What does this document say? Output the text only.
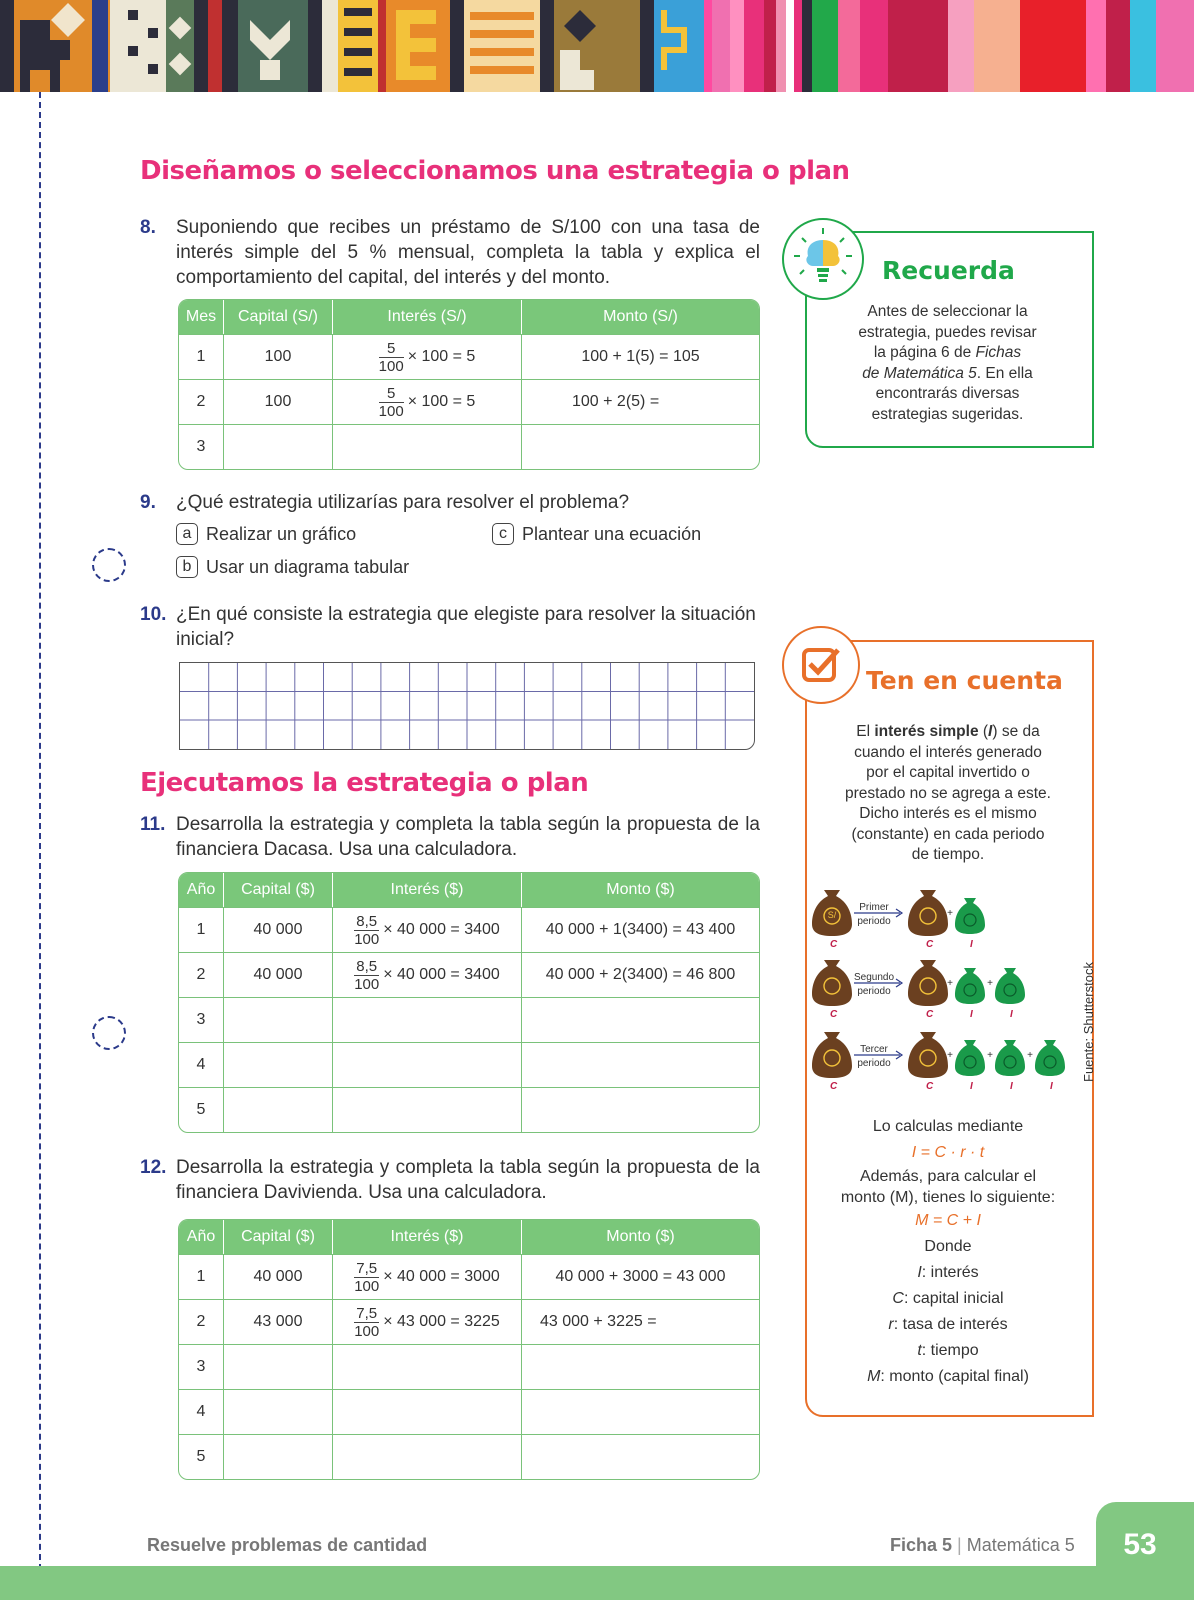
Diseñamos o seleccionamos una estrategia o plan
8. Suponiendo que recibes un préstamo de S/100 con una tasa de interés simple del 5 % mensual, completa la tabla y explica el comportamiento del capital, del interés y del monto.
Mes	Capital (S/)	Interés (S/)	Monto (S/)
1	100	$\frac{5}{100} \times 100 = 5$	100 + 1(5) = 105
2	100	$\frac{5}{100} \times 100 = 5$	100 + 2(5) =
3			
9. ¿Qué estrategia utilizarías para resolver el problema?
a Realizar un gráfico	c Plantear una ecuación
b Usar un diagrama tabular
10. ¿En qué consiste la estrategia que elegiste para resolver la situación inicial?
Ejecutamos la estrategia o plan
11. Desarrolla la estrategia y completa la tabla según la propuesta de la financiera Dacasa. Usa una calculadora.
Año	Capital ($)	Interés ($)	Monto ($)
1	40 000	$\frac{8,5}{100} \times 40$ 000 = 3400	40 000 + 1(3400) = 43 400
2	40 000	$\frac{8,5}{100} \times 40$ 000 = 3400	40 000 + 2(3400) = 46 800
3			
4			
5			
12. Desarrolla la estrategia y completa la tabla según la propuesta de la financiera Davivienda. Usa una calculadora.
Año	Capital ($)	Interés ($)	Monto ($)
1	40 000	$\frac{7,5}{100} \times 40$ 000 = 3000	40 000 + 3000 = 43 000
2	43 000	$\frac{7,5}{100} \times 43$ 000 = 3225	43 000 + 3225 =
3			
4			
5			
Recuerda
Antes de seleccionar la
estrategia, puedes revisar
la página 6 de Fichas
de Matemática 5. En ella
encontrarás diversas
estrategias sugeridas.
Ten en cuenta
El interés simple (I) se da
cuando el interés generado
por el capital invertido o
prestado no se agrega a este.
Dicho interés es el mismo
(constante) en cada periodo
de tiempo.
S/
C
Primer
periodo
C
+
I
C
Segundo
periodo
C
+
I
+
I
C
Tercer
periodo
C
+
I
+
I
+
I
Fuente: Shutterstock
Lo calculas mediante
I = C · r · t
Además, para calcular el
monto (M), tienes lo siguiente:
M = C + I
Donde
I: interés
C: capital inicial
r: tasa de interés
t: tiempo
M: monto (capital final)
Resuelve problemas de cantidad	Ficha 5 | Matemática 5	53
